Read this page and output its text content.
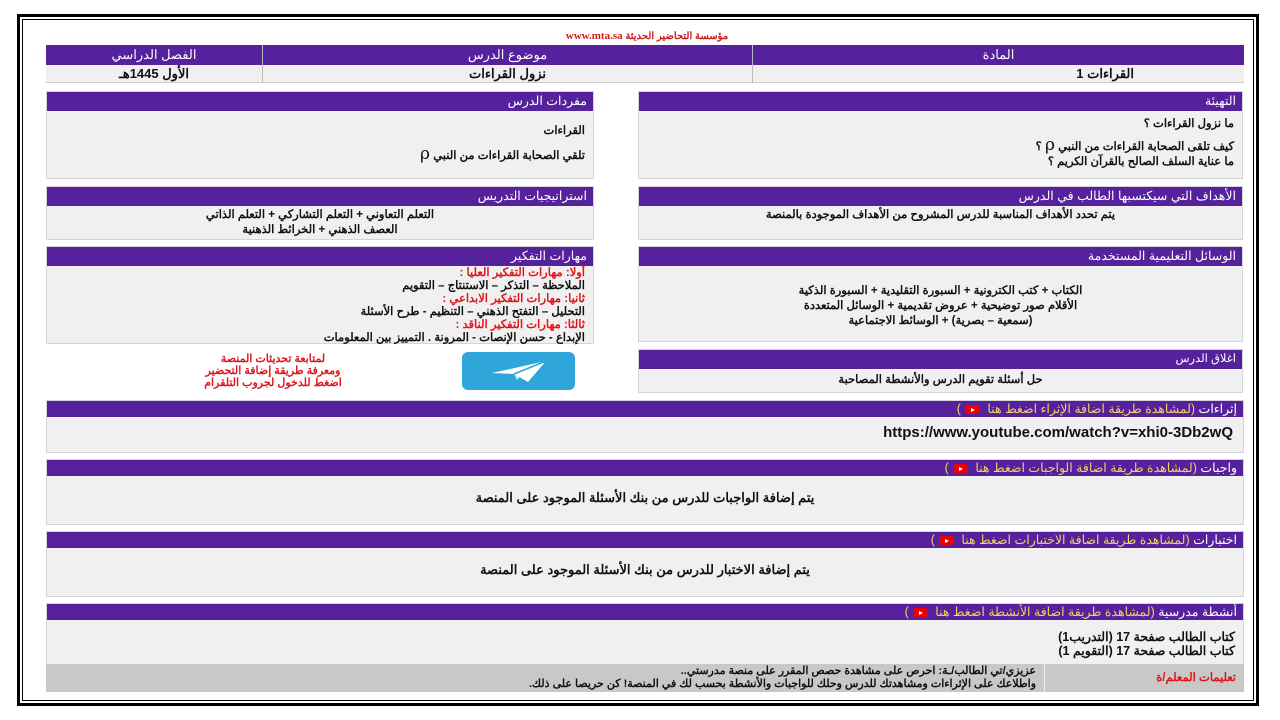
مؤسسة التحاضير الحديثة www.mta.sa
المادة
القراءات 1
موضوع الدرس
نزول القراءات
الفصل الدراسي
الأول 1445هـ
التهيئة
ما نزول القراءات ؟
كيف تلقى الصحابة القراءات من النبي ρ ؟
ما عناية السلف الصالح بالقرآن الكريم ؟
مفردات الدرس
القراءات
تلقي الصحابة القراءات من النبي ρ
الأهداف التي سيكتسبها الطالب في الدرس
يتم تحدد الأهداف المناسبة للدرس المشروح من الأهداف الموجودة بالمنصة
استراتيجيات التدريس
التعلم التعاوني + التعلم التشاركي + التعلم الذاتي
العصف الذهني + الخرائط الذهنية
الوسائل التعليمية المستخدمة
الكتاب + كتب الكترونية + السبورة التقليدية + السبورة الذكية
الأقلام صور توضيحية + عروض تقديمية + الوسائل المتعددة
(سمعية – بصرية) + الوسائط الاجتماعية
مهارات التفكير
أولا: مهارات التفكير العليا :
الملاحظة – التذكر – الاستنتاج – التقويم
ثانيا: مهارات التفكير الابداعي :
التحليل – التفتح الذهني – التنظيم - طرح الأسئلة
ثالثا: مهارات التفكير الناقد :
الإبداع - حسن الإنصات - المرونة . التمييز بين المعلومات
لمتابعة تحديثات المنصة
ومعرفة طريقة إضافة التحضير
اضغط للدخول لجروب التلقرام
اغلاق الدرس
حل أسئلة تقويم الدرس والأنشطة المصاحبة
إثراءات (لمشاهدة طريقة اضافة الإثراء اضغط هنا )
https://www.youtube.com/watch?v=xhi0-3Db2wQ
واجبات (لمشاهدة طريقة اضافة الواجبات اضغط هنا )
يتم إضافة الواجبات للدرس من بنك الأسئلة الموجود على المنصة
اختبارات (لمشاهدة طريقة اضافة الاختبارات اضغط هنا )
يتم إضافة الاختبار للدرس من بنك الأسئلة الموجود على المنصة
أنشطة مدرسية (لمشاهدة طريقة اضافة الأنشطة اضغط هنا )
كتاب الطالب صفحة 17 (التدريب1)
كتاب الطالب صفحة 17 (التقويم 1)
تعليمات المعلم/ة
عزيزي/تي الطالب/ـة: احرص على مشاهدة حصص المقرر على منصة مدرستي..
واطلاعك على الإثراءات ومشاهدتك للدرس وحلك للواجبات والأنشطة بحسب لك في المنصة! كن حريصا على ذلك.
